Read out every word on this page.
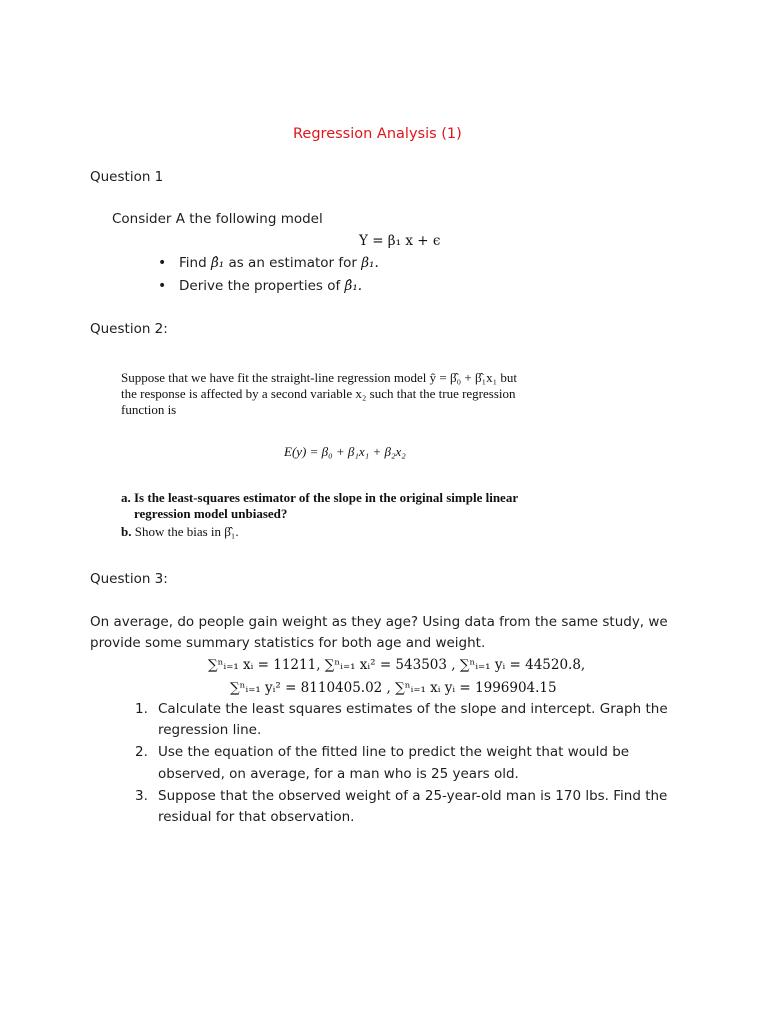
Regression Analysis (1)
Question 1
Consider A the following model
Y = β₁ x + ϵ
• Find β̂₁ as an estimator for β₁.
• Derive the properties of β̂₁.
Question 2:
Suppose that we have fit the straight-line regression model ŷ = β̂₀ + β̂₁x₁ but
the response is affected by a second variable x₂ such that the true regression
function is
E(y) = β₀ + β₁x₁ + β₂x₂
a. Is the least-squares estimator of the slope in the original simple linear
regression model unbiased?
b. Show the bias in β̂₁.
Question 3:
On average, do people gain weight as they age? Using data from the same study, we
provide some summary statistics for both age and weight.
∑ⁿᵢ₌₁ xᵢ = 11211, ∑ⁿᵢ₌₁ xᵢ² = 543503 , ∑ⁿᵢ₌₁ yᵢ = 44520.8,
∑ⁿᵢ₌₁ yᵢ² = 8110405.02 , ∑ⁿᵢ₌₁ xᵢ yᵢ = 1996904.15
1. Calculate the least squares estimates of the slope and intercept. Graph the
regression line.
2. Use the equation of the fitted line to predict the weight that would be
observed, on average, for a man who is 25 years old.
3. Suppose that the observed weight of a 25-year-old man is 170 lbs. Find the
residual for that observation.
